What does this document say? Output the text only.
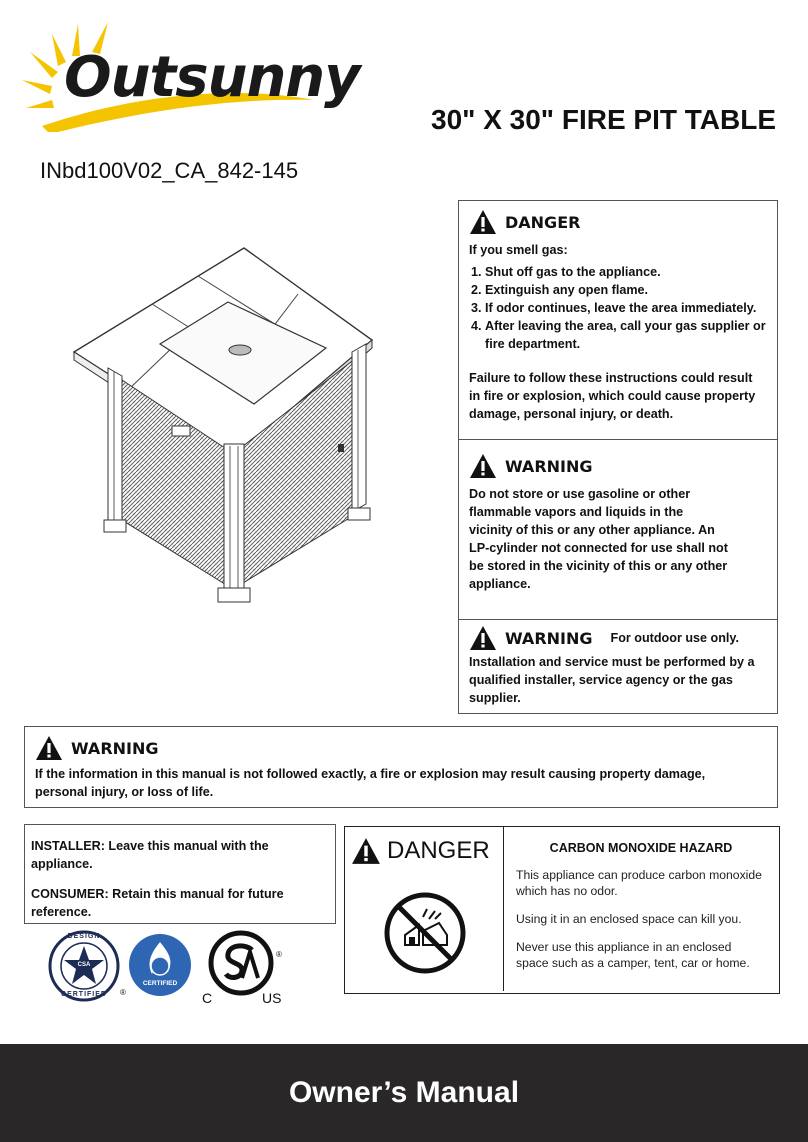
Outsunny
30" X 30" FIRE PIT TABLE
INbd100V02_CA_842-145
DANGER
If you smell gas:
1. Shut off gas to the appliance.
2. Extinguish any open flame.
3. If odor continues, leave the area immediately.
4. After leaving the area, call your gas supplier or fire department.
Failure to follow these instructions could result in fire or explosion, which could cause property damage, personal injury, or death.
WARNING
Do not store or use gasoline or other flammable vapors and liquids in the vicinity of this or any other appliance. An LP-cylinder not connected for use shall not be stored in the vicinity of this or any other appliance.
WARNING For outdoor use only.
Installation and service must be performed by a qualified installer, service agency or the gas supplier.
WARNING
If the information in this manual is not followed exactly, a fire or explosion may result causing property damage, personal injury, or loss of life.

INSTALLER: Leave this manual with the appliance.

CONSUMER: Retain this manual for future reference.

DANGER	CARBON MONOXIDE HAZARD
This appliance can produce carbon monoxide which has no odor.
Using it in an enclosed space can kill you.
Never use this appliance in an enclosed space such as a camper, tent, car or home.
DESIGN
CSA
CERTIFIED	®
CERTIFIED
C	US
®
Owner’s Manual
